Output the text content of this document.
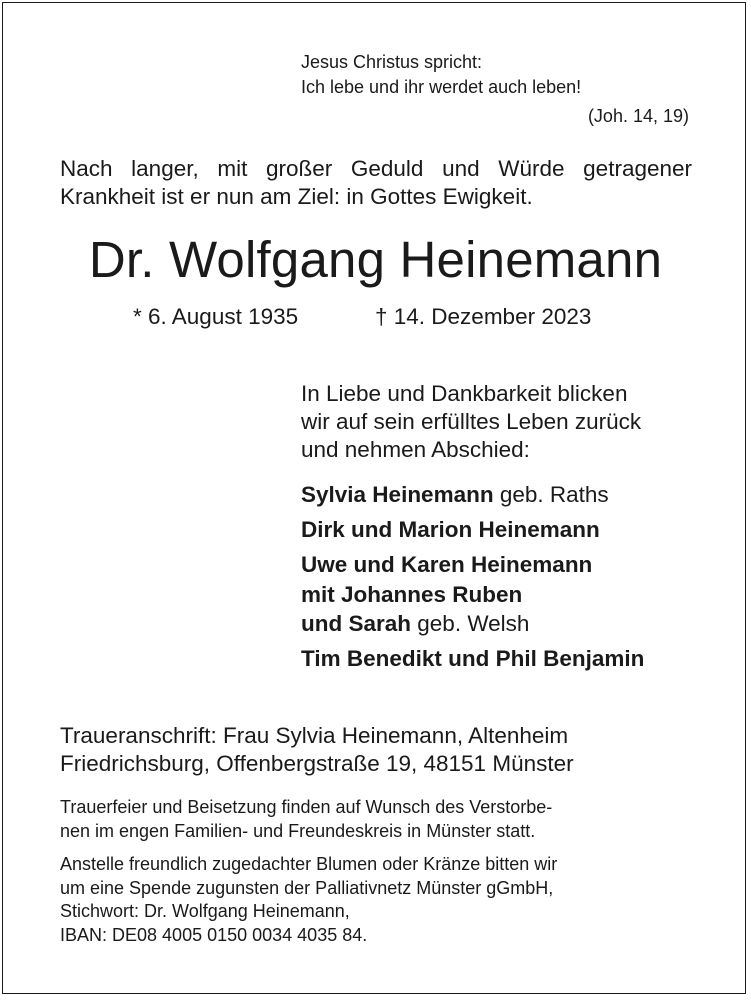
Jesus Christus spricht:
Ich lebe und ihr werdet auch leben!
(Joh. 14, 19)
Nach langer, mit großer Geduld und Würde getragener
Krankheit ist er nun am Ziel: in Gottes Ewigkeit.
Dr. Wolfgang Heinemann
* 6. August 1935	† 14. Dezember 2023
In Liebe und Dankbarkeit blicken
wir auf sein erfülltes Leben zurück
und nehmen Abschied:
Sylvia Heinemann geb. Raths
Dirk und Marion Heinemann
Uwe und Karen Heinemann
mit Johannes Ruben
und Sarah geb. Welsh
Tim Benedikt und Phil Benjamin
Traueranschrift: Frau Sylvia Heinemann, Altenheim
Friedrichsburg, Offenbergstraße 19, 48151 Münster
Trauerfeier und Beisetzung finden auf Wunsch des Verstorbe-
nen im engen Familien- und Freundeskreis in Münster statt.
Anstelle freundlich zugedachter Blumen oder Kränze bitten wir
um eine Spende zugunsten der Palliativnetz Münster gGmbH,
Stichwort: Dr. Wolfgang Heinemann,
IBAN: DE08 4005 0150 0034 4035 84.
